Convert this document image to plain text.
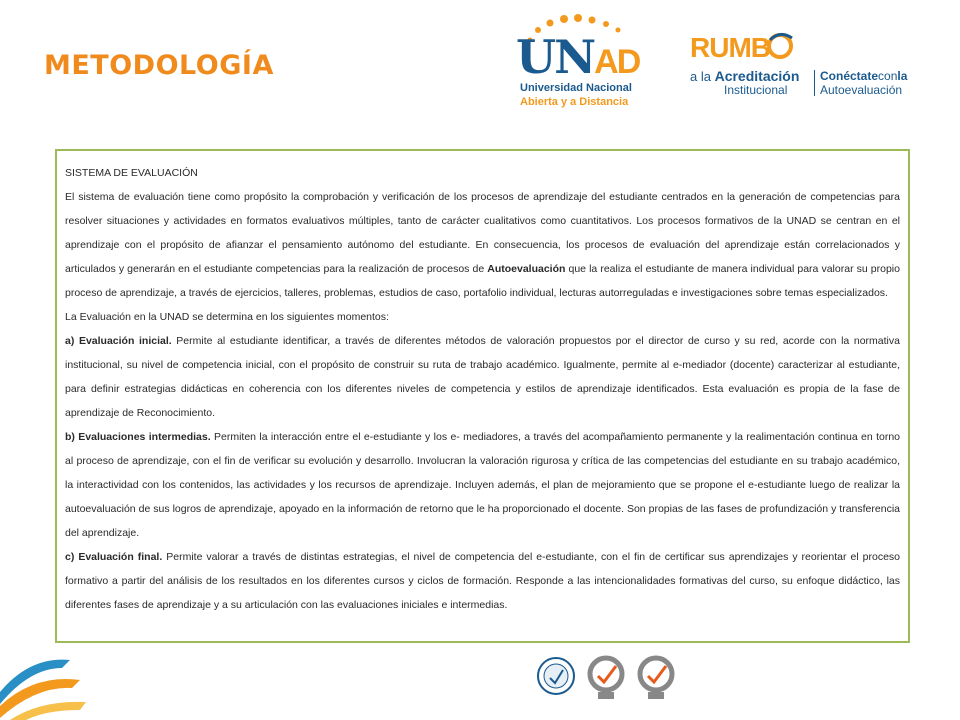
METODOLOGÍA	UNAD
Universidad Nacional
Abierta y a Distancia
RUMB
a la Acreditación
Institucional
Conéctateconla
Autoevaluación

SISTEMA DE EVALUACIÓN

El sistema de evaluación tiene como propósito la comprobación y verificación de los procesos de aprendizaje del estudiante centrados en la generación de competencias para resolver situaciones y actividades en formatos evaluativos múltiples, tanto de carácter cualitativos como cuantitativos. Los procesos formativos de la UNAD se centran en el aprendizaje con el propósito de afianzar el pensamiento autónomo del estudiante. En consecuencia, los procesos de evaluación del aprendizaje están correlacionados y articulados y generarán en el estudiante competencias para la realización de procesos de Autoevaluación que la realiza el estudiante de manera individual para valorar su propio proceso de aprendizaje, a través de ejercicios, talleres, problemas, estudios de caso, portafolio individual, lecturas autorreguladas e investigaciones sobre temas especializados.

La Evaluación en la UNAD se determina en los siguientes momentos:

a) Evaluación inicial. Permite al estudiante identificar, a través de diferentes métodos de valoración propuestos por el director de curso y su red, acorde con la normativa institucional, su nivel de competencia inicial, con el propósito de construir su ruta de trabajo académico. Igualmente, permite al e-mediador (docente) caracterizar al estudiante, para definir estrategias didácticas en coherencia con los diferentes niveles de competencia y estilos de aprendizaje identificados. Esta evaluación es propia de la fase de aprendizaje de Reconocimiento.

b) Evaluaciones intermedias. Permiten la interacción entre el e-estudiante y los e- mediadores, a través del acompañamiento permanente y la realimentación continua en torno al proceso de aprendizaje, con el fin de verificar su evolución y desarrollo. Involucran la valoración rigurosa y crítica de las competencias del estudiante en su trabajo académico, la interactividad con los contenidos, las actividades y los recursos de aprendizaje. Incluyen además, el plan de mejoramiento que se propone el e-estudiante luego de realizar la autoevaluación de sus logros de aprendizaje, apoyado en la información de retorno que le ha proporcionado el docente. Son propias de las fases de profundización y transferencia del aprendizaje.

c) Evaluación final. Permite valorar a través de distintas estrategias, el nivel de competencia del e-estudiante, con el fin de certificar sus aprendizajes y reorientar el proceso formativo a partir del análisis de los resultados en los diferentes cursos y ciclos de formación. Responde a las intencionalidades formativas del curso, su enfoque didáctico, las diferentes fases de aprendizaje y a su articulación con las evaluaciones iniciales e intermedias.
